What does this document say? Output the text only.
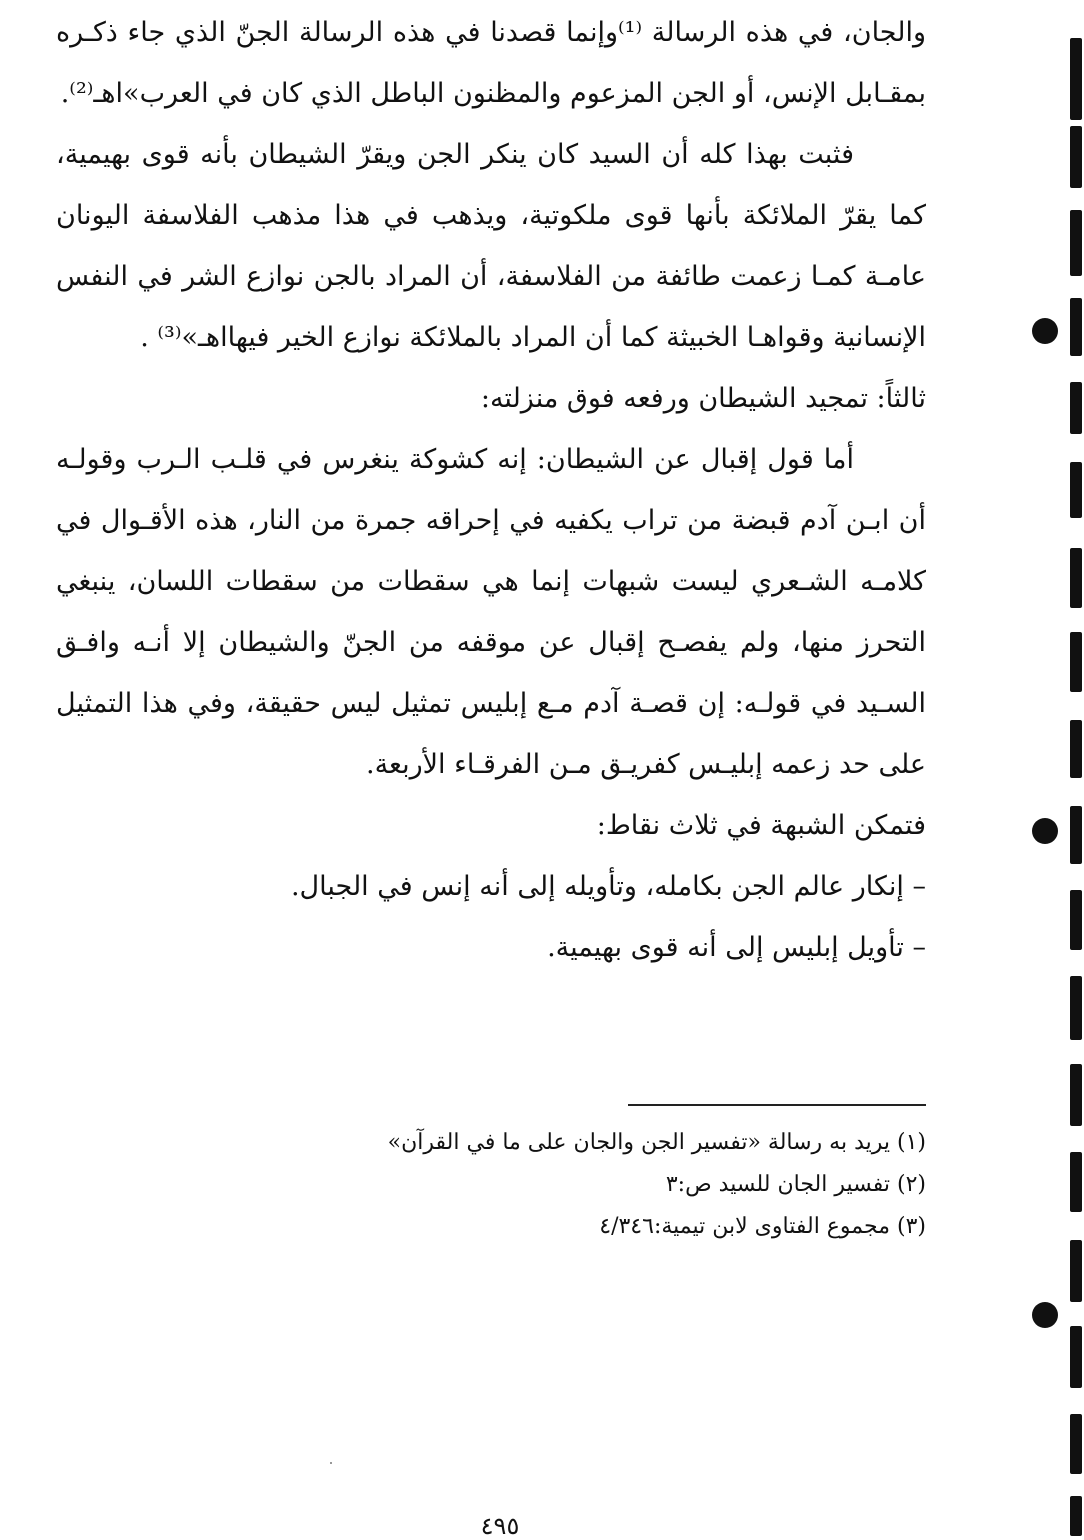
والجان، في هذه الرسالة ⁽¹⁾وإنما قصدنا في هذه الرسالة الجنّ الذي جاء ذكـره بمقـابل الإنس، أو الجن المزعوم والمظنون الباطل الذي كان في العرب»اهـ⁽²⁾.

فثبت بهذا كله أن السيد كان ينكر الجن ويقرّ الشيطان بأنه قوى بهيمية، كما يقرّ الملائكة بأنها قوى ملكوتية، ويذهب في هذا مذهب الفلاسفة اليونان عامـة كمـا زعمت طائفة من الفلاسفة، أن المراد بالجن نوازع الشر في النفس الإنسانية وقواهـا الخبيثة كما أن المراد بالملائكة نوازع الخير فيهااهـ»⁽³⁾ .

ثالثاً: تمجيد الشيطان ورفعه فوق منزلته:

أما قول إقبال عن الشيطان: إنه كشوكة ينغرس في قلـب الـرب وقولـه أن ابـن آدم قبضة من تراب يكفيه في إحراقه جمرة من النار، هذه الأقـوال في كلامـه الشـعري ليست شبهات إنما هي سقطات من سقطات اللسان، ينبغي التحرز منها، ولم يفصـح إقبال عن موقفه من الجنّ والشيطان إلا أنـه وافـق السـيد في قولـه: إن قصـة آدم مـع إبليس تمثيل ليس حقيقة، وفي هذا التمثيل على حد زعمه إبليـس كفريـق مـن الفرقـاء الأربعة.

فتمكن الشبهة في ثلاث نقاط:

– إنكار عالم الجن بكامله، وتأويله إلى أنه إنس في الجبال.

– تأويل إبليس إلى أنه قوى بهيمية.

(١) يريد به رسالة «تفسير الجن والجان على ما في القرآن»

(٢) تفسير الجان للسيد ص:٣

(٣) مجموع الفتاوى لابن تيمية:٤/٣٤٦

٤٩٥
